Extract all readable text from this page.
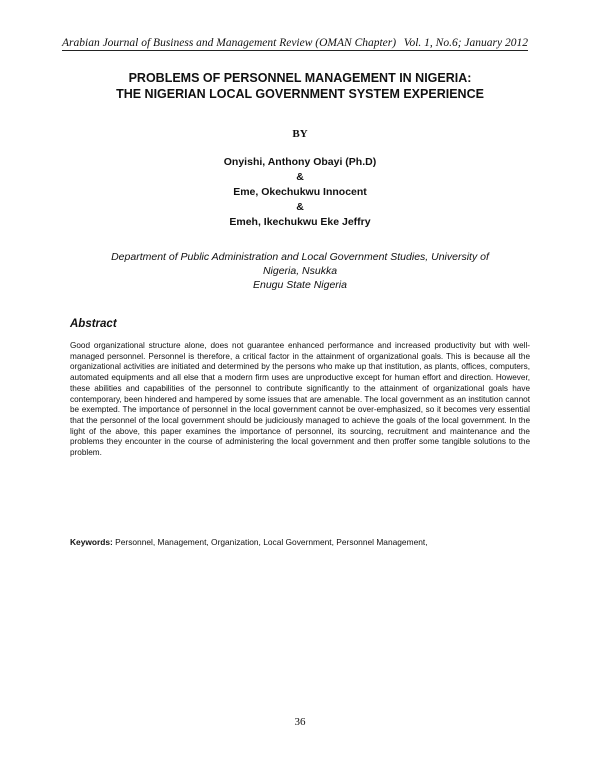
Arabian Journal of Business and Management Review (OMAN Chapter) Vol. 1, No.6; January 2012
PROBLEMS OF PERSONNEL MANAGEMENT IN NIGERIA:
THE NIGERIAN LOCAL GOVERNMENT SYSTEM EXPERIENCE
BY
Onyishi, Anthony Obayi (Ph.D)
&
Eme, Okechukwu Innocent
&
Emeh, Ikechukwu Eke Jeffry
Department of Public Administration and Local Government Studies, University of
Nigeria, Nsukka
Enugu State Nigeria
Abstract
Good organizational structure alone, does not guarantee enhanced performance and increased productivity but with well-managed personnel. Personnel is therefore, a critical factor in the attainment of organizational goals. This is because all the organizational activities are initiated and determined by the persons who make up that institution, as plants, offices, computers, automated equipments and all else that a modern firm uses are unproductive except for human effort and direction. However, these abilities and capabilities of the personnel to contribute significantly to the attainment of organizational goals have contemporary, been hindered and hampered by some issues that are amenable. The local government as an institution cannot be exempted. The importance of personnel in the local government cannot be over-emphasized, so it becomes very essential that the personnel of the local government should be judiciously managed to achieve the goals of the local government. In the light of the above, this paper examines the importance of personnel, its sourcing, recruitment and maintenance and the problems they encounter in the course of administering the local government and then proffer some tangible solutions to the problem.
Keywords: Personnel, Management, Organization, Local Government, Personnel Management,
36
